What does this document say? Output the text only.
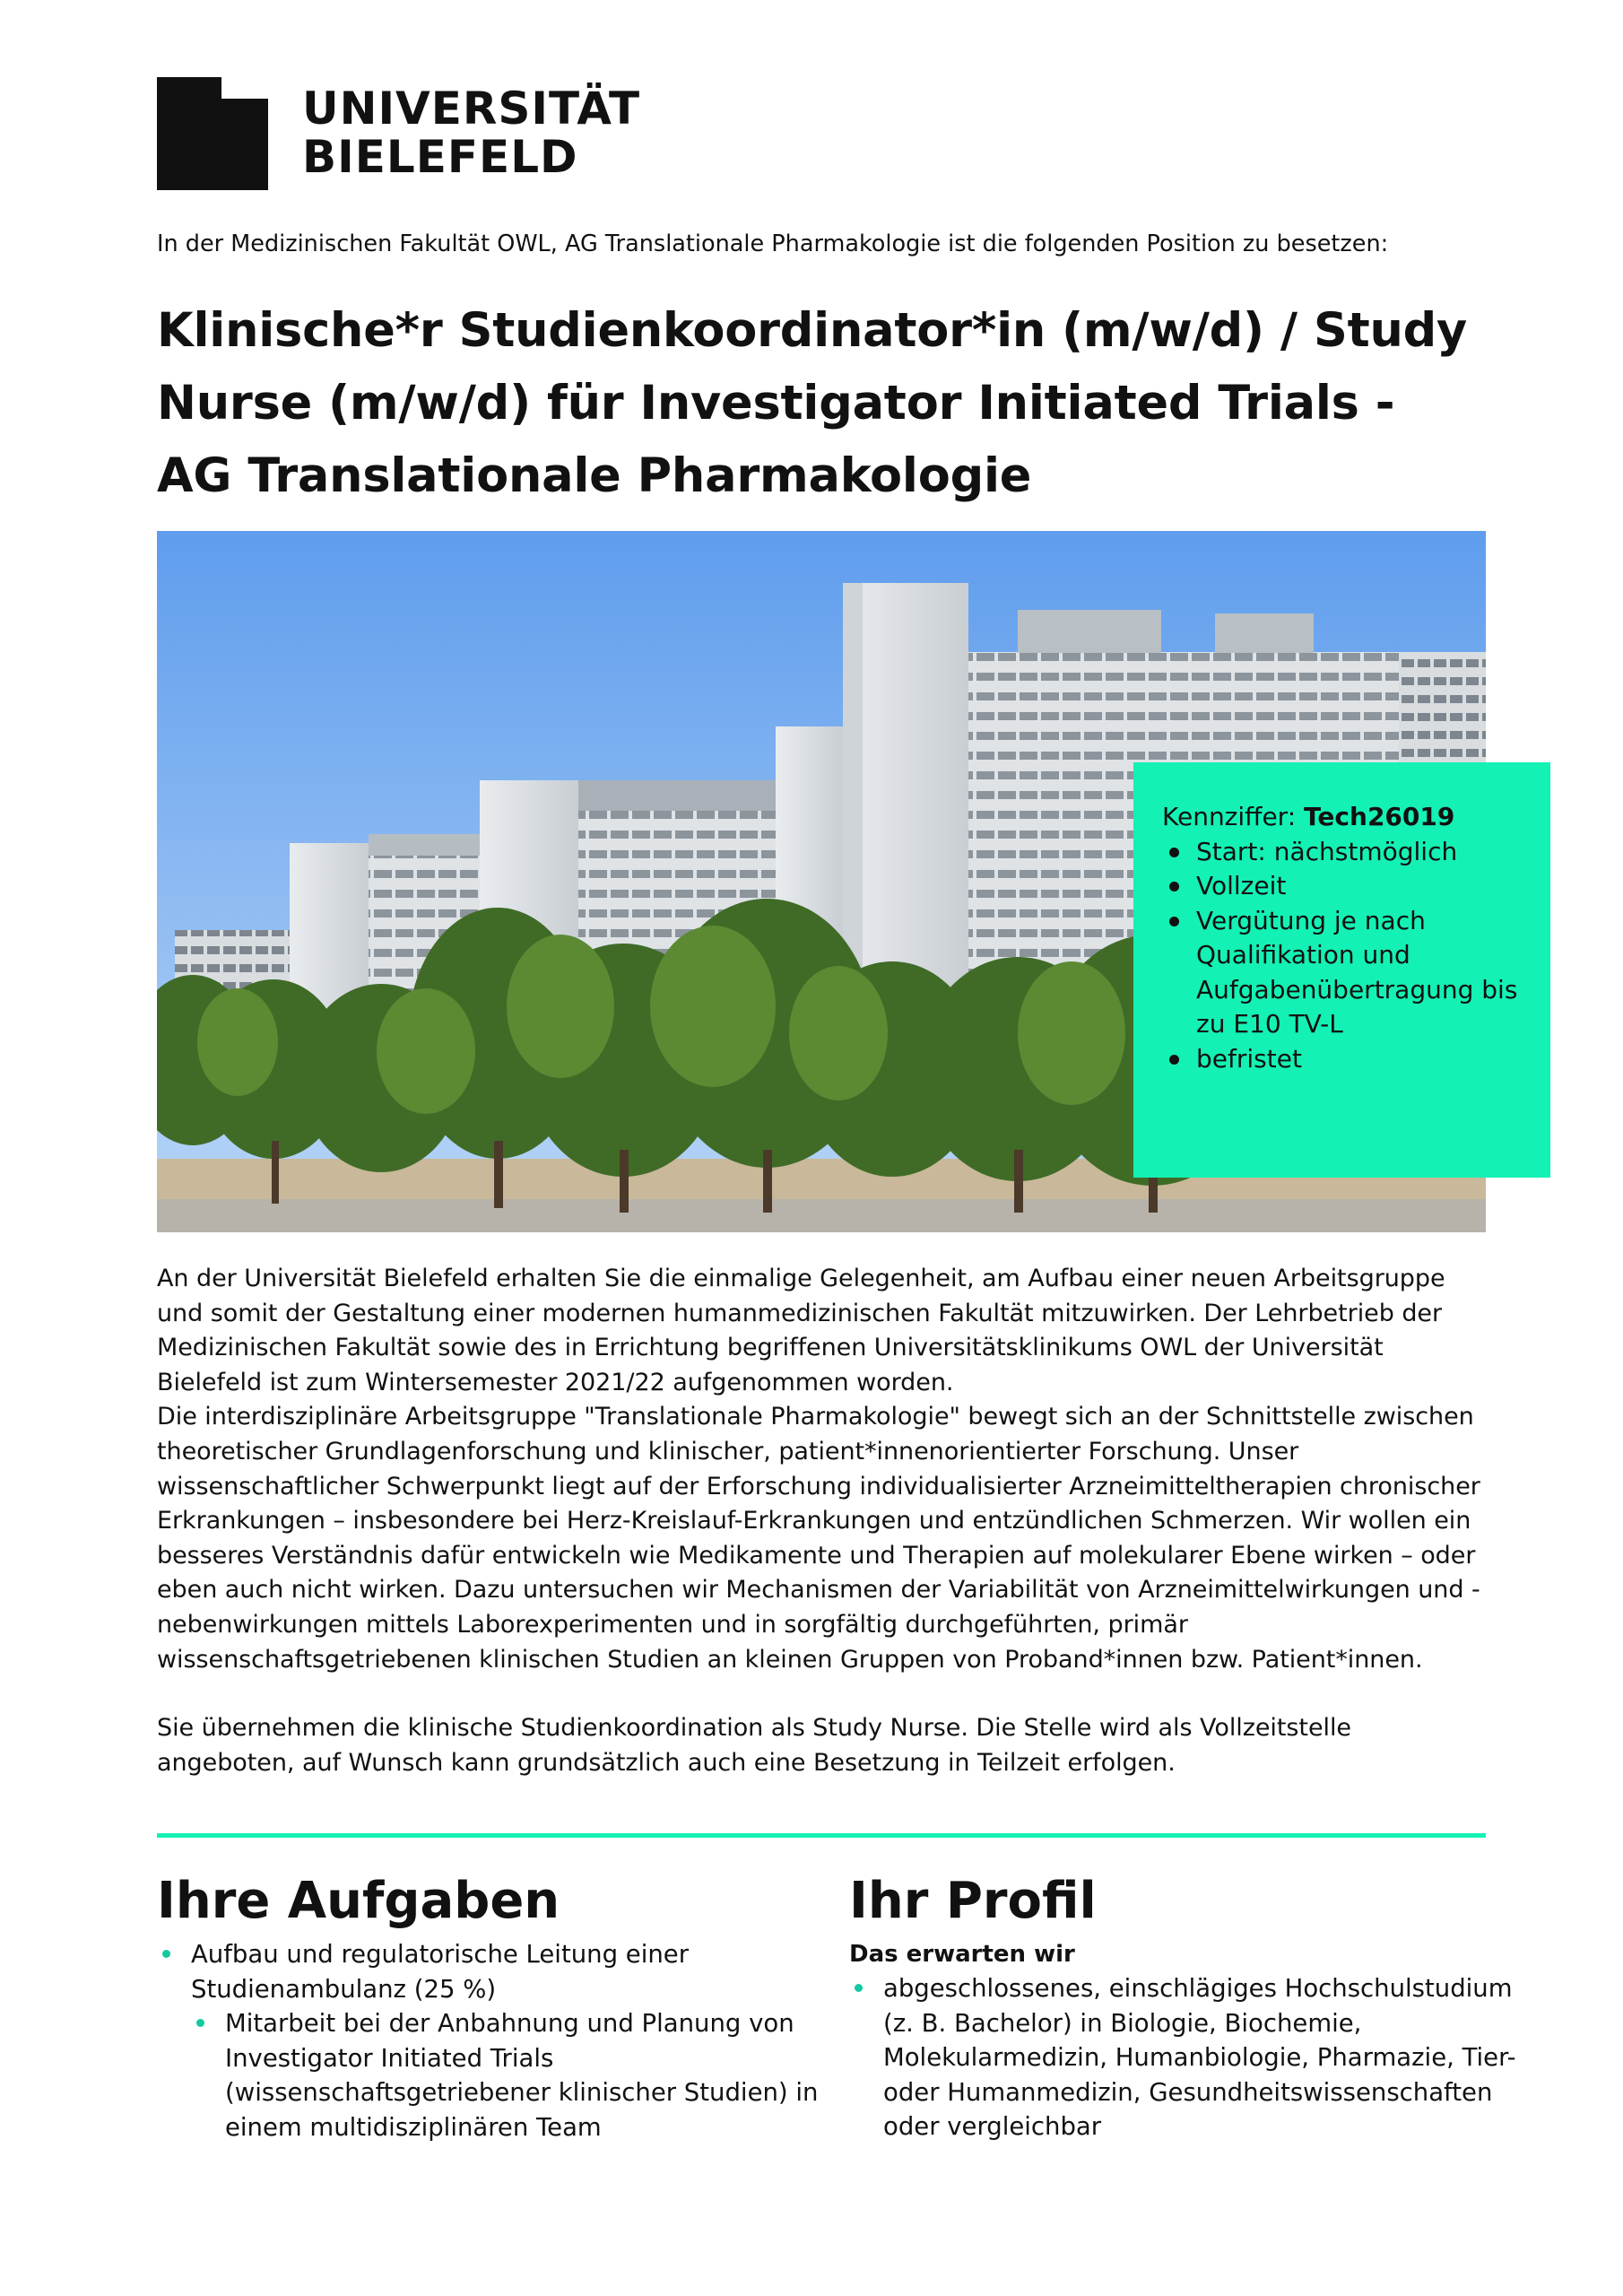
UNIVERSITÄT
BIELEFELD
In der Medizinischen Fakultät OWL, AG Translationale Pharmakologie ist die folgenden Position zu besetzen:
Klinische*r Studienkoordinator*in (m/w/d) / Study Nurse (m/w/d) für Investigator Initiated Trials - AG Translationale Pharmakologie
Kennziffer: Tech26019
Start: nächstmöglich
Vollzeit
Vergütung je nach Qualifikation und Aufgabenübertragung bis zu E10 TV-L
befristet

An der Universität Bielefeld erhalten Sie die einmalige Gelegenheit, am Aufbau einer neuen Arbeitsgruppe und somit der Gestaltung einer modernen humanmedizinischen Fakultät mitzuwirken. Der Lehrbetrieb der Medizinischen Fakultät sowie des in Errichtung begriffenen Universitätsklinikums OWL der Universität Bielefeld ist zum Wintersemester 2021/22 aufgenommen worden.

Die interdisziplinäre Arbeitsgruppe "Translationale Pharmakologie" bewegt sich an der Schnittstelle zwischen theoretischer Grundlagenforschung und klinischer, patient*innenorientierter Forschung. Unser wissenschaftlicher Schwerpunkt liegt auf der Erforschung individualisierter Arzneimitteltherapien chronischer Erkrankungen – insbesondere bei Herz-Kreislauf-Erkrankungen und entzündlichen Schmerzen. Wir wollen ein besseres Verständnis dafür entwickeln wie Medikamente und Therapien auf molekularer Ebene wirken – oder eben auch nicht wirken. Dazu untersuchen wir Mechanismen der Variabilität von Arzneimittelwirkungen und -nebenwirkungen mittels Laborexperimenten und in sorgfältig durchgeführten, primär wissenschaftsgetriebenen klinischen Studien an kleinen Gruppen von Proband*innen bzw. Patient*innen.

Sie übernehmen die klinische Studienkoordination als Study Nurse. Die Stelle wird als Vollzeitstelle angeboten, auf Wunsch kann grundsätzlich auch eine Besetzung in Teilzeit erfolgen.

Ihre Aufgaben
Aufbau und regulatorische Leitung einer Studienambulanz (25 %)
Mitarbeit bei der Anbahnung und Planung von Investigator Initiated Trials (wissenschaftsgetriebener klinischer Studien) in einem multidisziplinären Team
Ihr Profil

Das erwarten wir

abgeschlossenes, einschlägiges Hochschulstudium (z. B. Bachelor) in Biologie, Biochemie, Molekularmedizin, Humanbiologie, Pharmazie, Tier- oder Humanmedizin, Gesundheitswissenschaften oder vergleichbar
